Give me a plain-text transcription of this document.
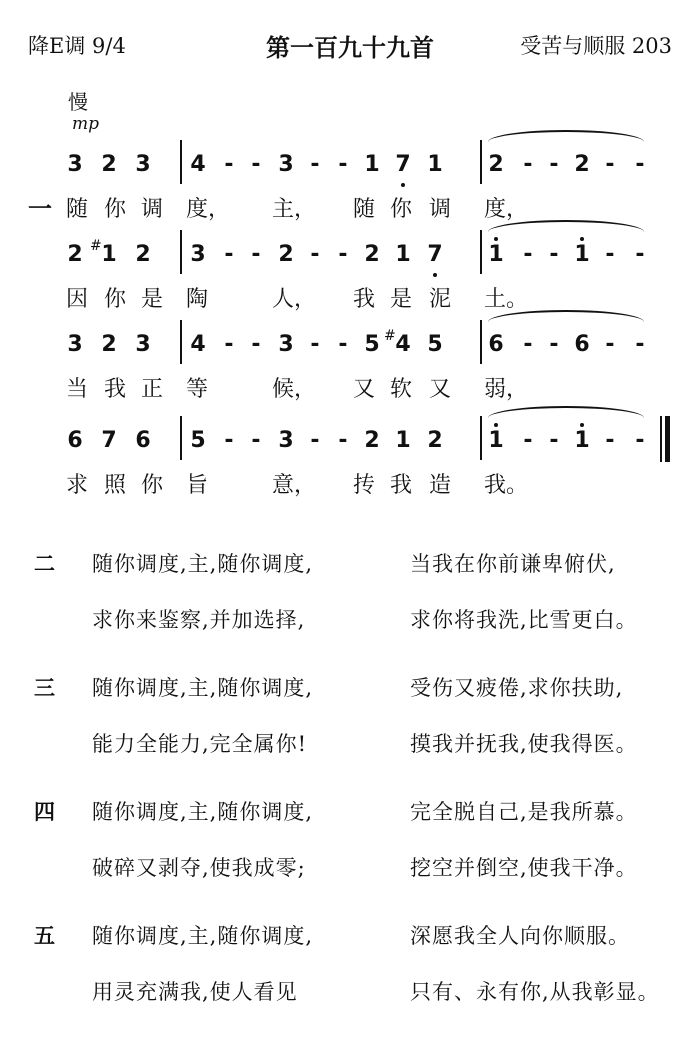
降E调 9/4	第一百九十九首	受苦与顺服 203
慢
mp
3 2 3 4 - - 3 - - 1 7 1 2 - - 2 - -
随 你 调 度， 主， 随 你 调 度，
一
2 # 1 2 3 - - 2 - - 2 1 7 1 - - 1 - -
因 你 是 陶	人， 我 是 泥 土。
3 2 3 4 - - 3 - - 5 # 4 5 6 - - 6 - -
当 我 正 等	候， 又 软 又 弱，
6 7 6 5 - - 3 - - 2 1 2 1 - - 1 - -
求 照 你 旨	意， 抟 我 造 我。
二 随你调度,主,随你调度,	当我在你前谦卑俯伏,
求你来鉴察,并加选择,	求你将我洗,比雪更白。
三 随你调度,主,随你调度,	受伤又疲倦,求你扶助,
能力全能力,完全属你!	摸我并抚我,使我得医。
四 随你调度,主,随你调度,	完全脱自己,是我所慕。
破碎又剥夺,使我成零;	挖空并倒空,使我干净。
五 随你调度,主,随你调度,	深愿我全人向你顺服。
用灵充满我,使人看见	只有、永有你,从我彰显。
